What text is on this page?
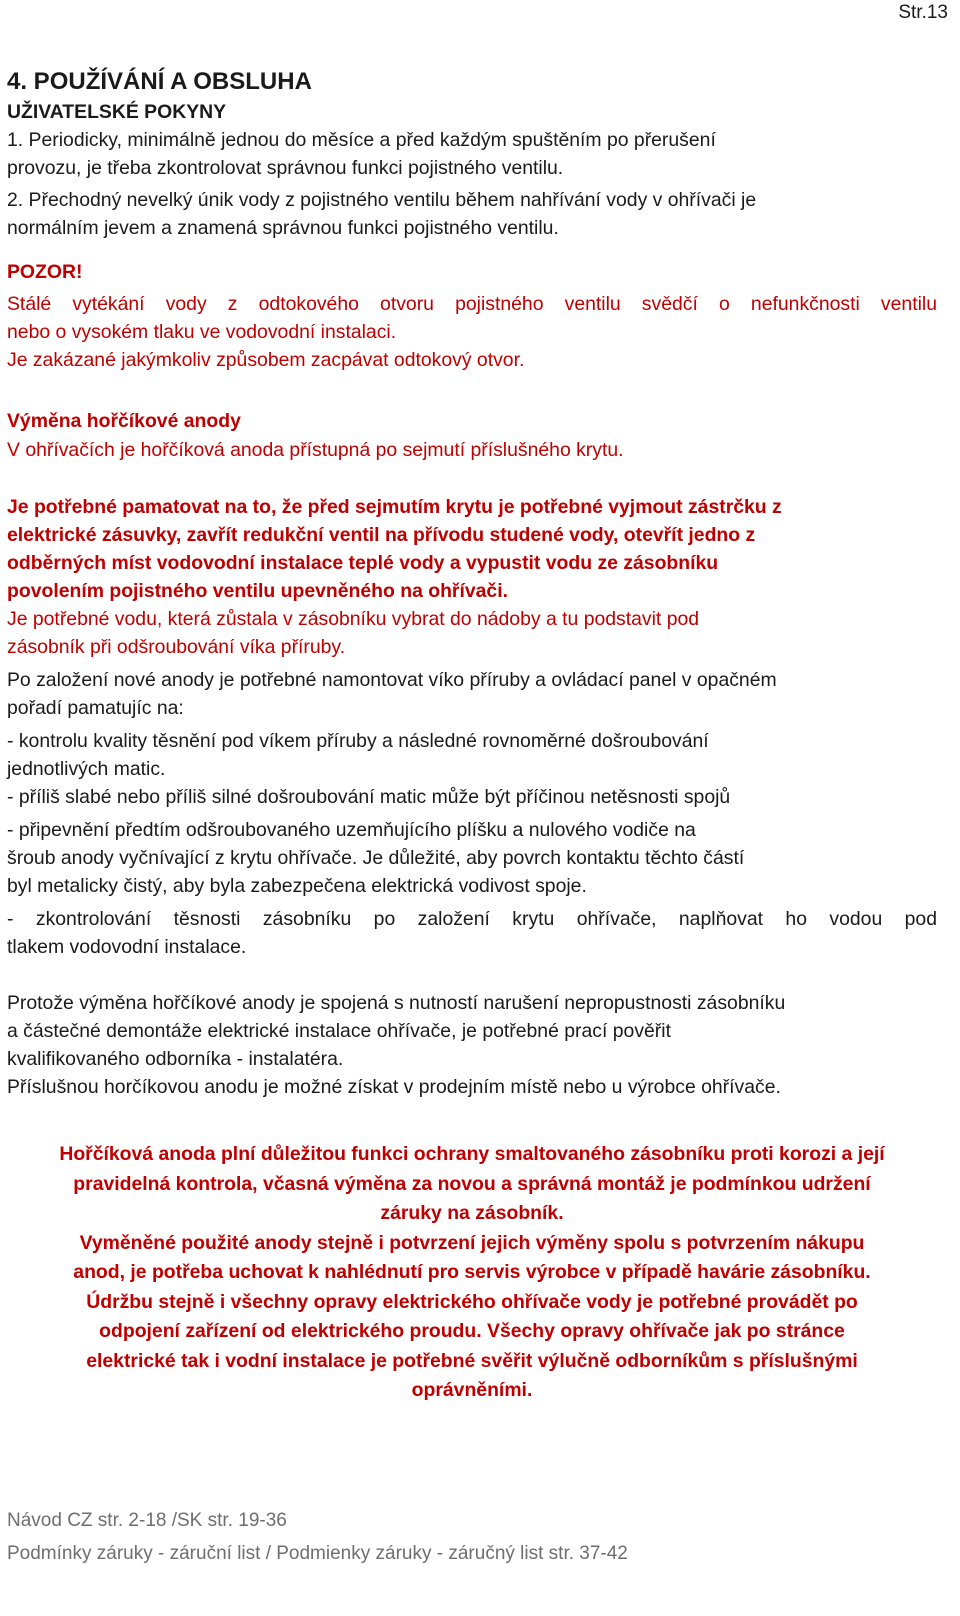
Str.13
4. POUŽÍVÁNÍ A OBSLUHA
UŽIVATELSKÉ POKYNY
1. Periodicky, minimálně jednou do měsíce a před každým spuštěním po přerušení
provozu, je třeba zkontrolovat správnou funkci pojistného ventilu.
2. Přechodný nevelký únik vody z pojistného ventilu během nahřívání vody v ohřívači je
normálním jevem a znamená správnou funkci pojistného ventilu.
POZOR!
Stálé vytékání vody z odtokového otvoru pojistného ventilu svědčí o nefunkčnosti ventilu
nebo o vysokém tlaku ve vodovodní instalaci.
Je zakázané jakýmkoliv způsobem zacpávat odtokový otvor.
Výměna hořčíkové anody
V ohřívačích je hořčíková anoda přístupná po sejmutí příslušného krytu.
Je potřebné pamatovat na to, že před sejmutím krytu je potřebné vyjmout zástrčku z
elektrické zásuvky, zavřít redukční ventil na přívodu studené vody, otevřít jedno z
odběrných míst vodovodní instalace teplé vody a vypustit vodu ze zásobníku
povolením pojistného ventilu upevněného na ohřívači.
Je potřebné vodu, která zůstala v zásobníku vybrat do nádoby a tu podstavit pod
zásobník při odšroubování víka příruby.
Po založení nové anody je potřebné namontovat víko příruby a ovládací panel v opačném
pořadí pamatujíc na:
- kontrolu kvality těsnění pod víkem příruby a následné rovnoměrné došroubování
jednotlivých matic.
- příliš slabé nebo příliš silné došroubování matic může být příčinou netěsnosti spojů
- připevnění předtím odšroubovaného uzemňujícího plíšku a nulového vodiče na
šroub anody vyčnívající z krytu ohřívače. Je důležité, aby povrch kontaktu těchto částí
byl metalicky čistý, aby byla zabezpečena elektrická vodivost spoje.
- zkontrolování těsnosti zásobníku po založení krytu ohřívače, naplňovat ho vodou pod
tlakem vodovodní instalace.
Protože výměna hořčíkové anody je spojená s nutností narušení nepropustnosti zásobníku
a částečné demontáže elektrické instalace ohřívače, je potřebné prací pověřit
kvalifikovaného odborníka - instalatéra.
Příslušnou horčíkovou anodu je možné získat v prodejním místě nebo u výrobce ohřívače.
Hořčíková anoda plní důležitou funkci ochrany smaltovaného zásobníku proti korozi a její
pravidelná kontrola, včasná výměna za novou a správná montáž je podmínkou udržení
záruky na zásobník.
Vyměněné použité anody stejně i potvrzení jejich výměny spolu s potvrzením nákupu
anod, je potřeba uchovat k nahlédnutí pro servis výrobce v případě havárie zásobníku.
Údržbu stejně i všechny opravy elektrického ohřívače vody je potřebné provádět po
odpojení zařízení od elektrického proudu. Všechy opravy ohřívače jak po stránce
elektrické tak i vodní instalace je potřebné svěřit výlučně odborníkům s příslušnými
oprávněními.
Návod CZ str. 2-18 /SK str. 19-36
Podmínky záruky - záruční list / Podmienky záruky - záručný list str. 37-42
